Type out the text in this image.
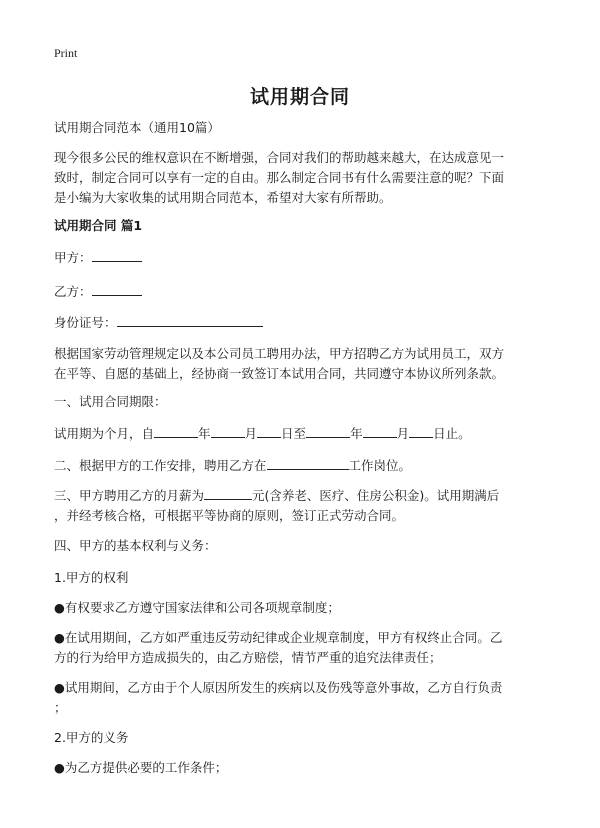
Print
试用期合同
试用期合同范本（通用10篇）
现今很多公民的维权意识在不断增强，合同对我们的帮助越来越大，在达成意见一
致时，制定合同可以享有一定的自由。那么制定合同书有什么需要注意的呢？下面
是小编为大家收集的试用期合同范本，希望对大家有所帮助。
试用期合同 篇1
甲方：
乙方：
身份证号：
根据国家劳动管理规定以及本公司员工聘用办法，甲方招聘乙方为试用员工，双方
在平等、自愿的基础上，经协商一致签订本试用合同，共同遵守本协议所列条款。
一、试用合同期限：
试用期为个月，自	年	月 日至	年	月 日止。
二、根据甲方的工作安排，聘用乙方在	工作岗位。
三、甲方聘用乙方的月薪为	元(含养老、医疗、住房公积金)。试用期满后
，并经考核合格，可根据平等协商的原则，签订正式劳动合同。
四、甲方的基本权利与义务：
1.甲方的权利
●有权要求乙方遵守国家法律和公司各项规章制度；
●在试用期间，乙方如严重违反劳动纪律或企业规章制度，甲方有权终止合同。乙
方的行为给甲方造成损失的，由乙方赔偿，情节严重的追究法律责任；
●试用期间，乙方由于个人原因所发生的疾病以及伤残等意外事故，乙方自行负责
；
2.甲方的义务
●为乙方提供必要的工作条件；
